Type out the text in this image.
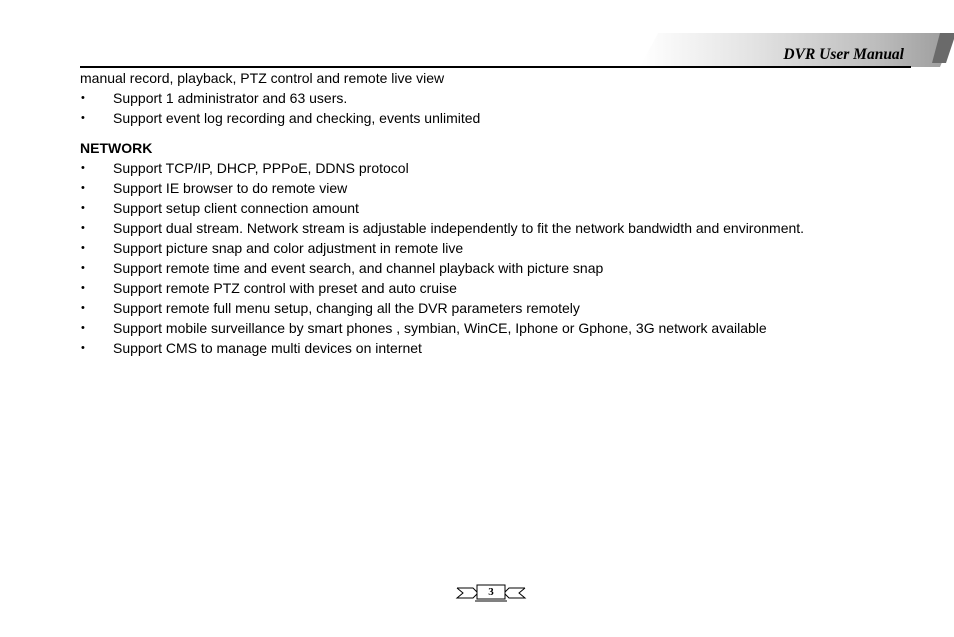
DVR User Manual
manual record, playback, PTZ control and remote live view
• Support 1 administrator and 63 users.
• Support event log recording and checking, events unlimited
NETWORK
• Support TCP/IP, DHCP, PPPoE, DDNS protocol
• Support IE browser to do remote view
• Support setup client connection amount
• Support dual stream. Network stream is adjustable independently to fit the network bandwidth and environment.
• Support picture snap and color adjustment in remote live
• Support remote time and event search, and channel playback with picture snap
• Support remote PTZ control with preset and auto cruise
• Support remote full menu setup, changing all the DVR parameters remotely
• Support mobile surveillance by smart phones , symbian, WinCE, Iphone or Gphone, 3G network available
• Support CMS to manage multi devices on internet
3
